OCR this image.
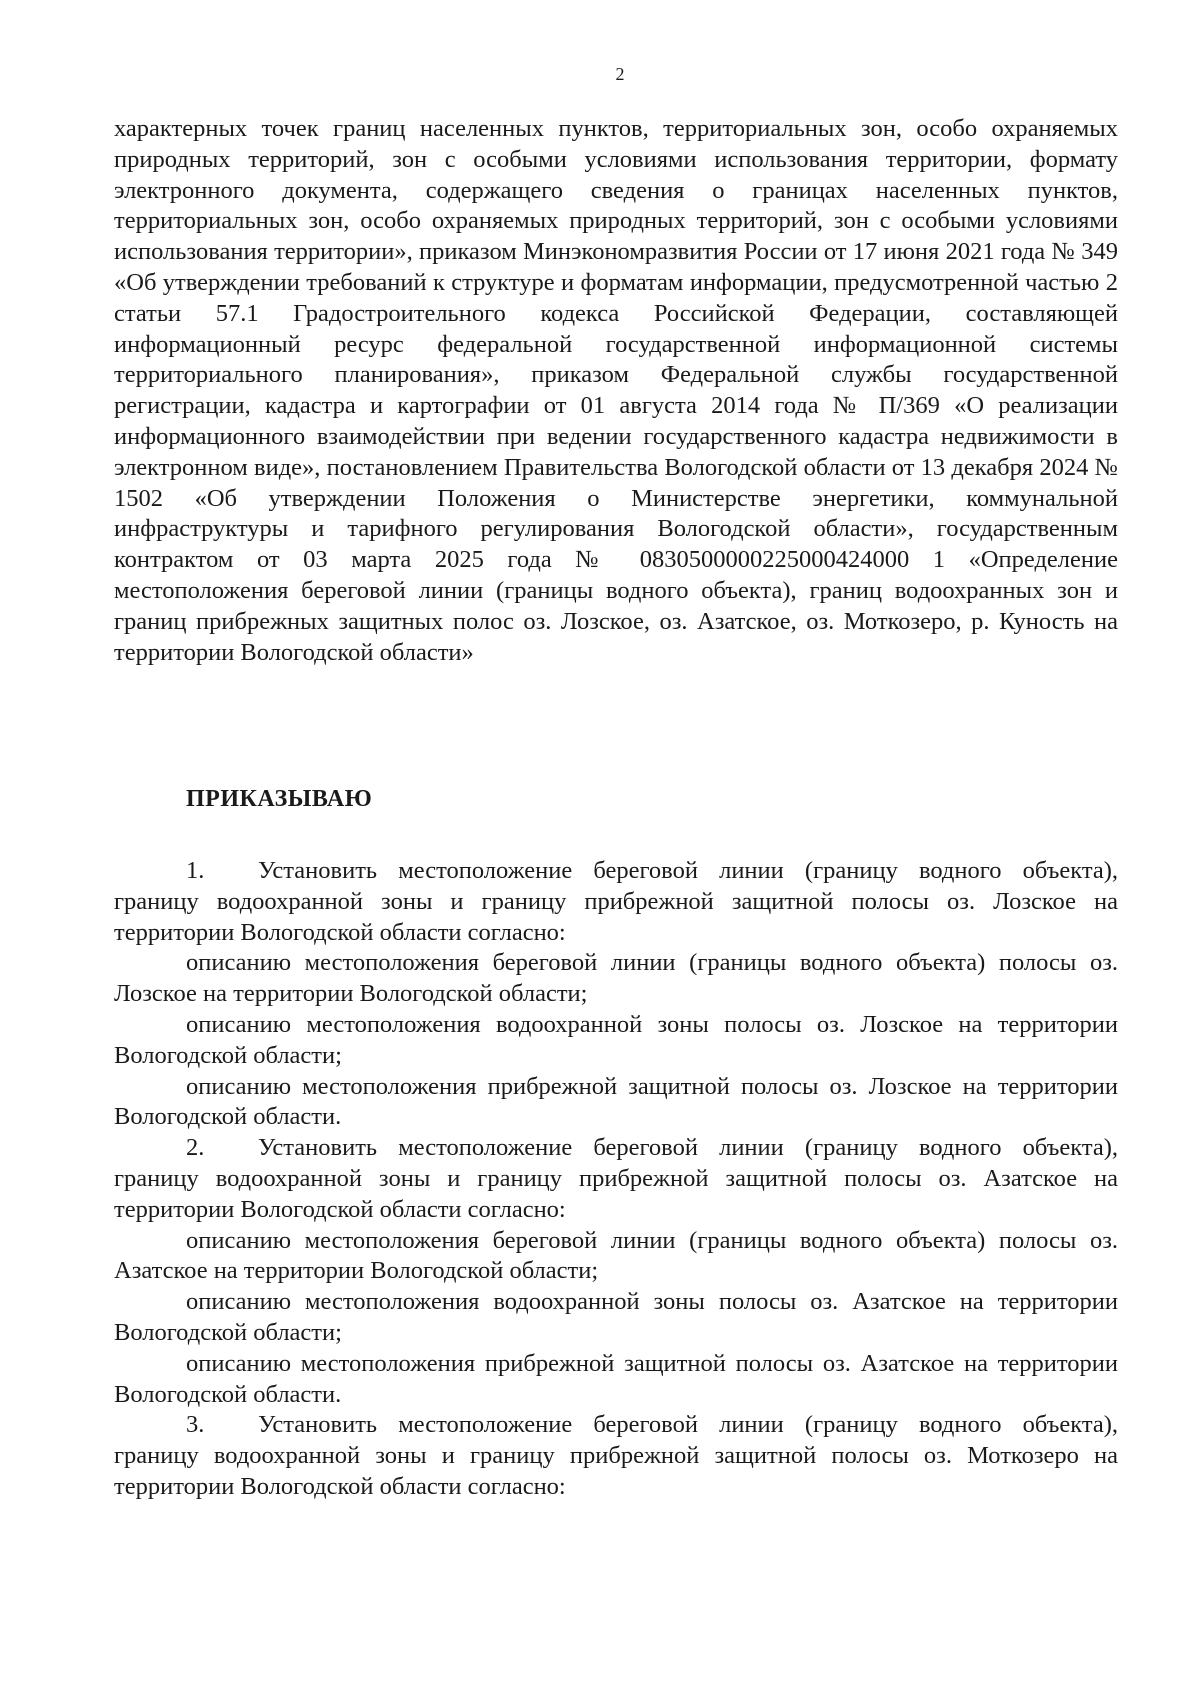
2

характерных точек границ населенных пунктов, территориальных зон, особо охраняемых природных территорий, зон с особыми условиями использования территории, формату электронного документа, содержащего сведения о границах населенных пунктов, территориальных зон, особо охраняемых природных территорий, зон с особыми условиями использования территории», приказом Минэкономразвития России от 17 июня 2021 года № 349 «Об утверждении требований к структуре и форматам информации, предусмотренной частью 2 статьи 57.1 Градостроительного кодекса Российской Федерации, составляющей информационный ресурс федеральной государственной информационной системы территориального планирования», приказом Федеральной службы государственной регистрации, кадастра и картографии от 01 августа 2014 года № П/369 «О реализации информационного взаимодействии при ведении государственного кадастра недвижимости в электронном виде», постановлением Правительства Вологодской области от 13 декабря 2024 № 1502 «Об утверждении Положения о Министерстве энергетики, коммунальной инфраструктуры и тарифного регулирования Вологодской области», государственным контрактом от 03 марта 2025 года № 0830500000225000424000 1 «Определение местоположения береговой линии (границы водного объекта), границ водоохранных зон и границ прибрежных защитных полос оз. Лозское, оз. Азатское, оз. Моткозеро, р. Куность на территории Вологодской области»

ПРИКАЗЫВАЮ

1. Установить местоположение береговой линии (границу водного объекта), границу водоохранной зоны и границу прибрежной защитной полосы оз. Лозское на территории Вологодской области согласно:

описанию местоположения береговой линии (границы водного объекта) полосы оз. Лозское на территории Вологодской области;

описанию местоположения водоохранной зоны полосы оз. Лозское на территории Вологодской области;

описанию местоположения прибрежной защитной полосы оз. Лозское на территории Вологодской области.

2. Установить местоположение береговой линии (границу водного объекта), границу водоохранной зоны и границу прибрежной защитной полосы оз. Азатское на территории Вологодской области согласно:

описанию местоположения береговой линии (границы водного объекта) полосы оз. Азатское на территории Вологодской области;

описанию местоположения водоохранной зоны полосы оз. Азатское на территории Вологодской области;

описанию местоположения прибрежной защитной полосы оз. Азатское на территории Вологодской области.

3. Установить местоположение береговой линии (границу водного объекта), границу водоохранной зоны и границу прибрежной защитной полосы оз. Моткозеро на территории Вологодской области согласно:
